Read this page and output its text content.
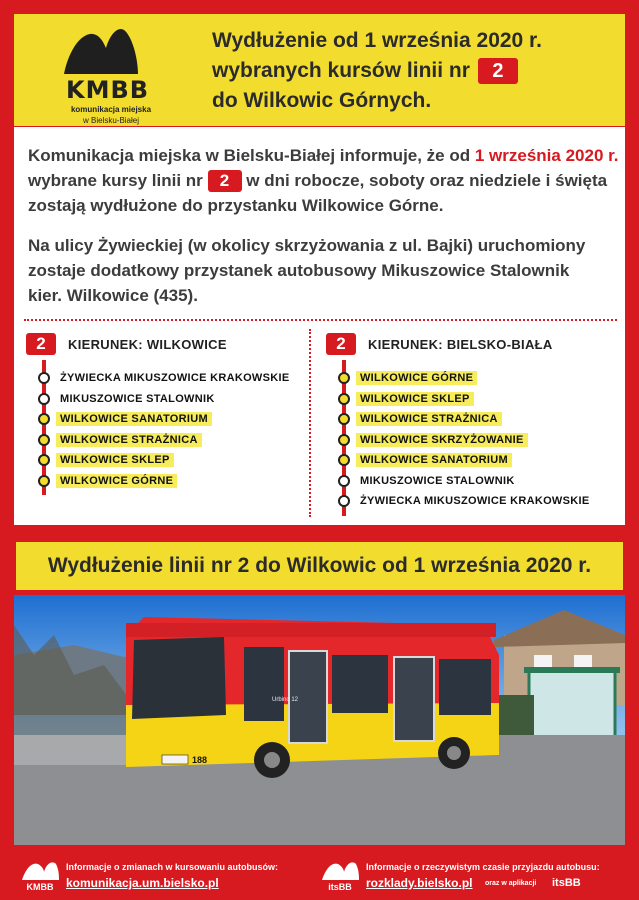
KMBB
komunikacja miejska
w Bielsku-Białej
Wydłużenie od 1 września 2020 r.
wybranych kursów linii nr 2
do Wilkowic Górnych.
Komunikacja miejska w Bielsku-Białej informuje, że od 1 września 2020 r.
wybrane kursy linii nr 2 w dni robocze, soboty oraz niedziele i święta
zostają wydłużone do przystanku Wilkowice Górne.
Na ulicy Żywieckiej (w okolicy skrzyżowania z ul. Bajki) uruchomiony
zostaje dodatkowy przystanek autobusowy Mikuszowice Stalownik
kier. Wilkowice (435).
2	KIERUNEK: WILKOWICE
ŻYWIECKA MIKUSZOWICE KRAKOWSKIE
MIKUSZOWICE STALOWNIK
WILKOWICE SANATORIUM
WILKOWICE STRAŻNICA
WILKOWICE SKLEP
WILKOWICE GÓRNE
2	KIERUNEK: BIELSKO-BIAŁA
WILKOWICE GÓRNE
WILKOWICE SKLEP
WILKOWICE STRAŻNICA
WILKOWICE SKRZYŻOWANIE
WILKOWICE SANATORIUM
MIKUSZOWICE STALOWNIK
ŻYWIECKA MIKUSZOWICE KRAKOWSKIE
Wydłużenie linii nr 2 do Wilkowic od 1 września 2020 r.
188
Urbino 12
KMBB
Informacje o zmianach w kursowaniu autobusów:
komunikacja.um.bielsko.pl	itsBB
Informacje o rzeczywistym czasie przyjazdu autobusu:
rozklady.bielsko.pl oraz w aplikacji itsBB
